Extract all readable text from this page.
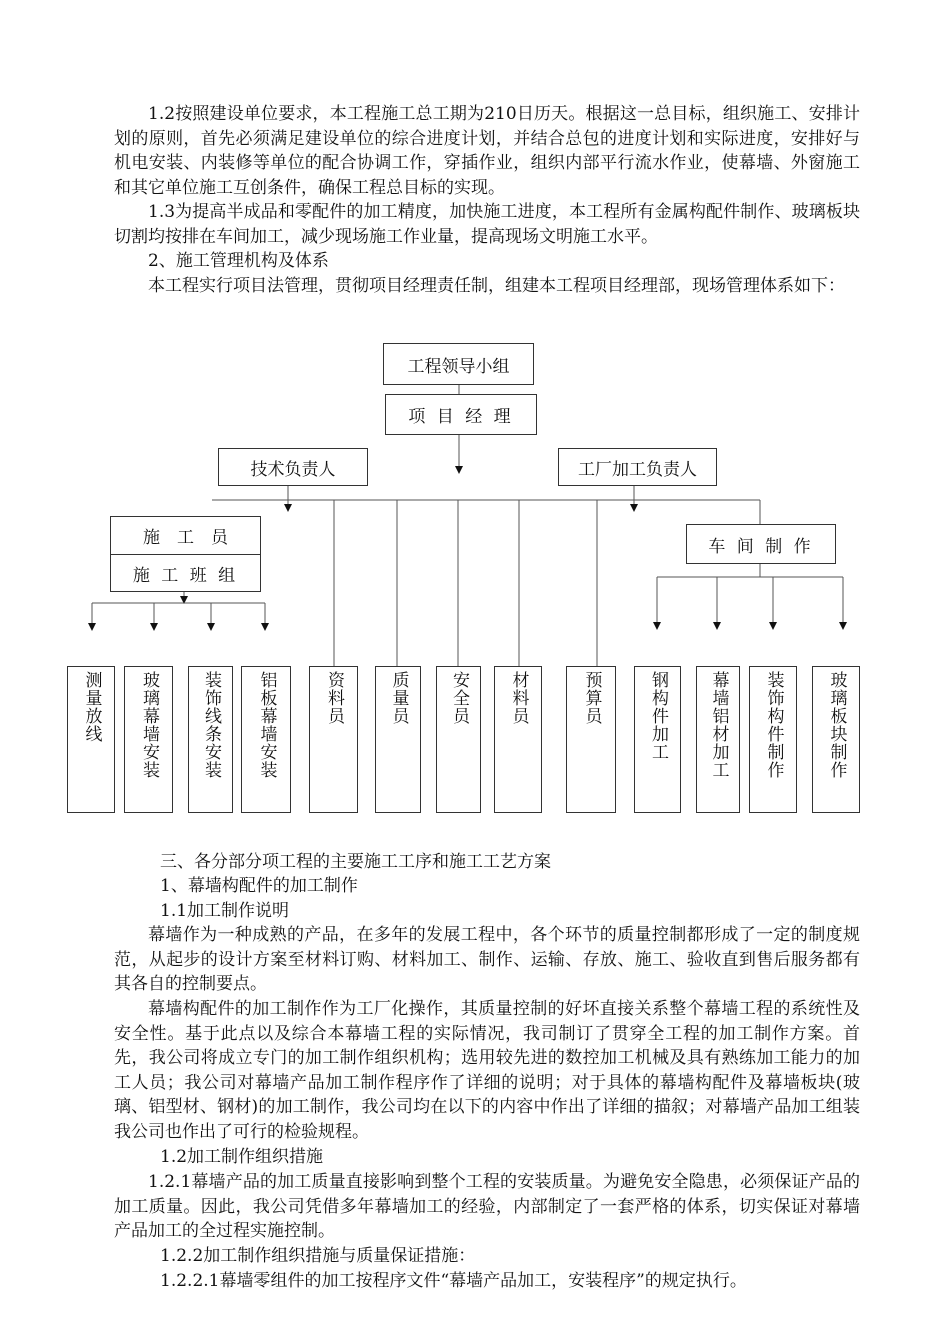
1.2按照建设单位要求，本工程施工总工期为210日历天。根据这一总目标，组织施工、安排计划的原则，首先必须满足建设单位的综合进度计划，并结合总包的进度计划和实际进度，安排好与机电安装、内装修等单位的配合协调工作，穿插作业，组织内部平行流水作业，使幕墙、外窗施工和其它单位施工互创条件，确保工程总目标的实现。

1.3为提高半成品和零配件的加工精度，加快施工进度，本工程所有金属构配件制作、玻璃板块切割均按排在车间加工，减少现场施工作业量，提高现场文明施工水平。

2、施工管理机构及体系

本工程实行项目法管理，贯彻项目经理责任制，组建本工程项目经理部，现场管理体系如下：

工程领导小组
项 目 经 理
技术负责人	工厂加工负责人
施　工　员
施 工 班 组
车 间 制 作
测量放线 玻璃幕墙安装 装饰线条安装 铝板幕墙安装	资料员	质量员 安全员 材料员	预算员	钢构件加工 幕墙铝材加工 装饰构件制作	玻璃板块制作

三、各分部分项工程的主要施工工序和施工工艺方案

1、幕墙构配件的加工制作

1.1加工制作说明

幕墙作为一种成熟的产品，在多年的发展工程中，各个环节的质量控制都形成了一定的制度规范，从起步的设计方案至材料订购、材料加工、制作、运输、存放、施工、验收直到售后服务都有其各自的控制要点。

幕墙构配件的加工制作作为工厂化操作，其质量控制的好坏直接关系整个幕墙工程的系统性及安全性。基于此点以及综合本幕墙工程的实际情况，我司制订了贯穿全工程的加工制作方案。首先，我公司将成立专门的加工制作组织机构；选用较先进的数控加工机械及具有熟练加工能力的加工人员；我公司对幕墙产品加工制作程序作了详细的说明；对于具体的幕墙构配件及幕墙板块(玻璃、铝型材、钢材)的加工制作，我公司均在以下的内容中作出了详细的描叙；对幕墙产品加工组装我公司也作出了可行的检验规程。

1.2加工制作组织措施

1.2.1幕墙产品的加工质量直接影响到整个工程的安装质量。为避免安全隐患，必须保证产品的加工质量。因此，我公司凭借多年幕墙加工的经验，内部制定了一套严格的体系，切实保证对幕墙产品加工的全过程实施控制。

1.2.2加工制作组织措施与质量保证措施：

1.2.2.1幕墙零组件的加工按程序文件“幕墙产品加工，安装程序”的规定执行。
